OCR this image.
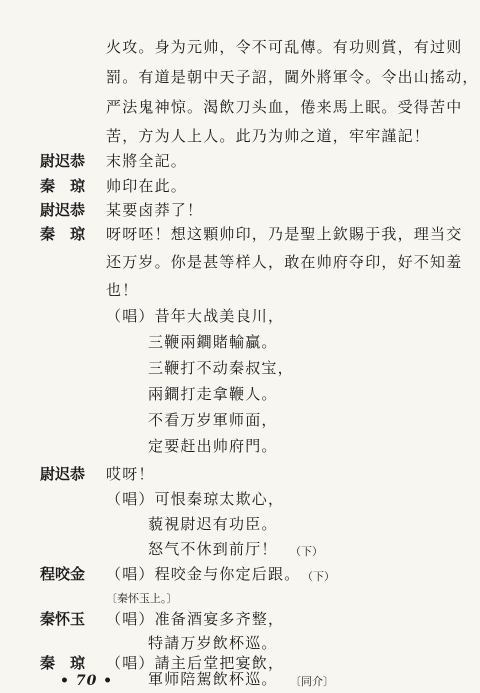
火攻。身为元帅，令不可乱傳。有功则賞，有过则
罰。有道是朝中天子詔，閫外將軍令。令出山搖动，
严法鬼神惊。渴飲刀头血，倦来馬上眠。受得苦中
苦，方为人上人。此乃为帅之道，牢牢謹記！
尉迟恭 末將全記。
秦　琼 帅印在此。
尉迟恭 某要卤莽了！
秦　琼 呀呀呸！想这顆帅印，乃是聖上欽賜于我，理当交
还万岁。你是甚等样人，敢在帅府夺印，好不知羞
也！
（唱）昔年大战美良川，
三鞭兩鐧賭輸贏。
三鞭打不动秦叔宝，
兩鐧打走拿鞭人。
不看万岁軍师面，
定要赶出帅府門。
尉迟恭 哎呀！
（唱）可恨秦琼太欺心，
藐視尉迟有功臣。
怒气不休到前厅！ （下）
程咬金 （唱）程咬金与你定后跟。 （下）
〔秦怀玉上。〕
秦怀玉 （唱）准备酒宴多齐整，
特請万岁飲杯巡。
秦　琼 （唱）請主后堂把宴飲，
軍师陪駕飲杯巡。 〔同介〕
• 70 •
